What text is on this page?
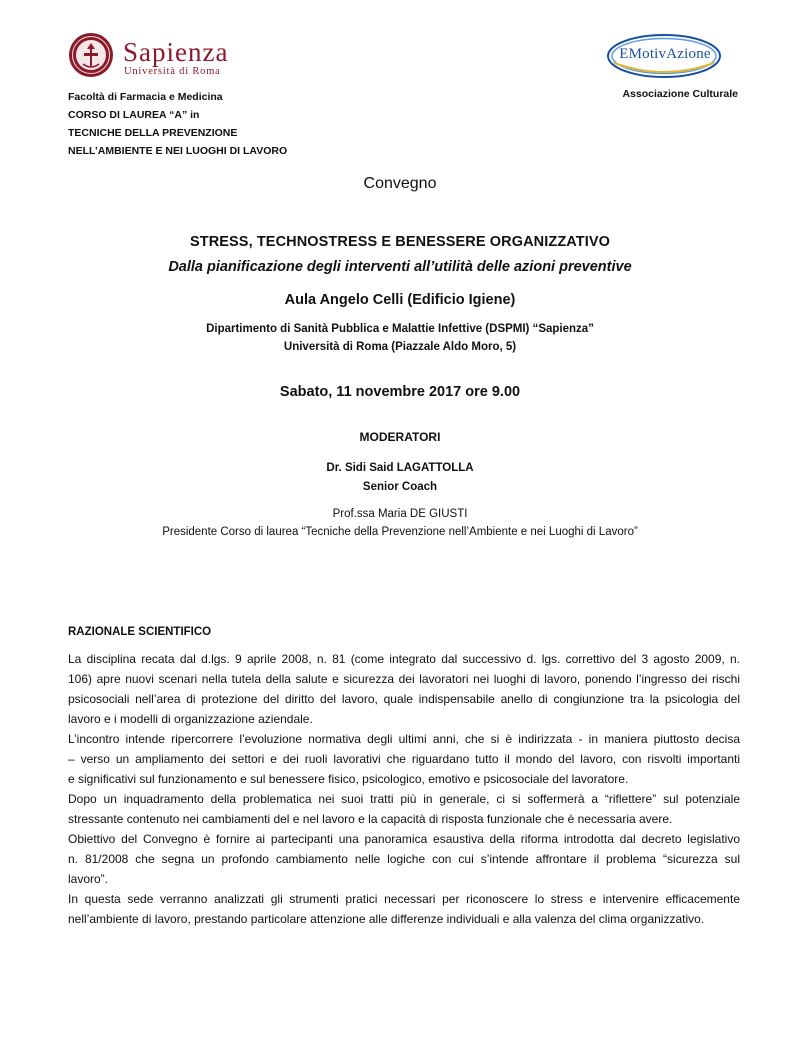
Sapienza
Università di Roma
EMotivAzione
Facoltà di Farmacia e Medicina
CORSO DI LAUREA “A” in
TECNICHE DELLA PREVENZIONE
NELL’AMBIENTE E NEI LUOGHI DI LAVORO
Associazione Culturale
Convegno
STRESS, TECHNOSTRESS E BENESSERE ORGANIZZATIVO
Dalla pianificazione degli interventi all’utilità delle azioni preventive
Aula Angelo Celli (Edificio Igiene)
Dipartimento di Sanità Pubblica e Malattie Infettive (DSPMI) “Sapienza”
Università di Roma (Piazzale Aldo Moro, 5)
Sabato, 11 novembre 2017 ore 9.00
MODERATORI
Dr. Sidi Said LAGATTOLLA
Senior Coach
Prof.ssa Maria DE GIUSTI
Presidente Corso di laurea “Tecniche della Prevenzione nell’Ambiente e nei Luoghi di Lavoro”
RAZIONALE SCIENTIFICO
La disciplina recata dal d.lgs. 9 aprile 2008, n. 81 (come integrato dal successivo d. lgs. correttivo del 3 agosto 2009, n.
106) apre nuovi scenari nella tutela della salute e sicurezza dei lavoratori nei luoghi di lavoro, ponendo l’ingresso dei rischi
psicosociali nell’area di protezione del diritto del lavoro, quale indispensabile anello di congiunzione tra la psicologia del
lavoro e i modelli di organizzazione aziendale.
L’incontro intende ripercorrere l’evoluzione normativa degli ultimi anni, che si è indirizzata - in maniera piuttosto decisa
– verso un ampliamento dei settori e dei ruoli lavorativi che riguardano tutto il mondo del lavoro, con risvolti importanti
e significativi sul funzionamento e sul benessere fisico, psicologico, emotivo e psicosociale del lavoratore.
Dopo un inquadramento della problematica nei suoi tratti più in generale, ci si soffermerà a “riflettere” sul potenziale
stressante contenuto nei cambiamenti del e nel lavoro e la capacità di risposta funzionale che è necessaria avere.
Obiettivo del Convegno è fornire ai partecipanti una panoramica esaustiva della riforma introdotta dal decreto legislativo
n. 81/2008 che segna un profondo cambiamento nelle logiche con cui s’intende affrontare il problema “sicurezza sul
lavoro”.
In questa sede verranno analizzati gli strumenti pratici necessari per riconoscere lo stress e intervenire efficacemente
nell’ambiente di lavoro, prestando particolare attenzione alle differenze individuali e alla valenza del clima organizzativo.
